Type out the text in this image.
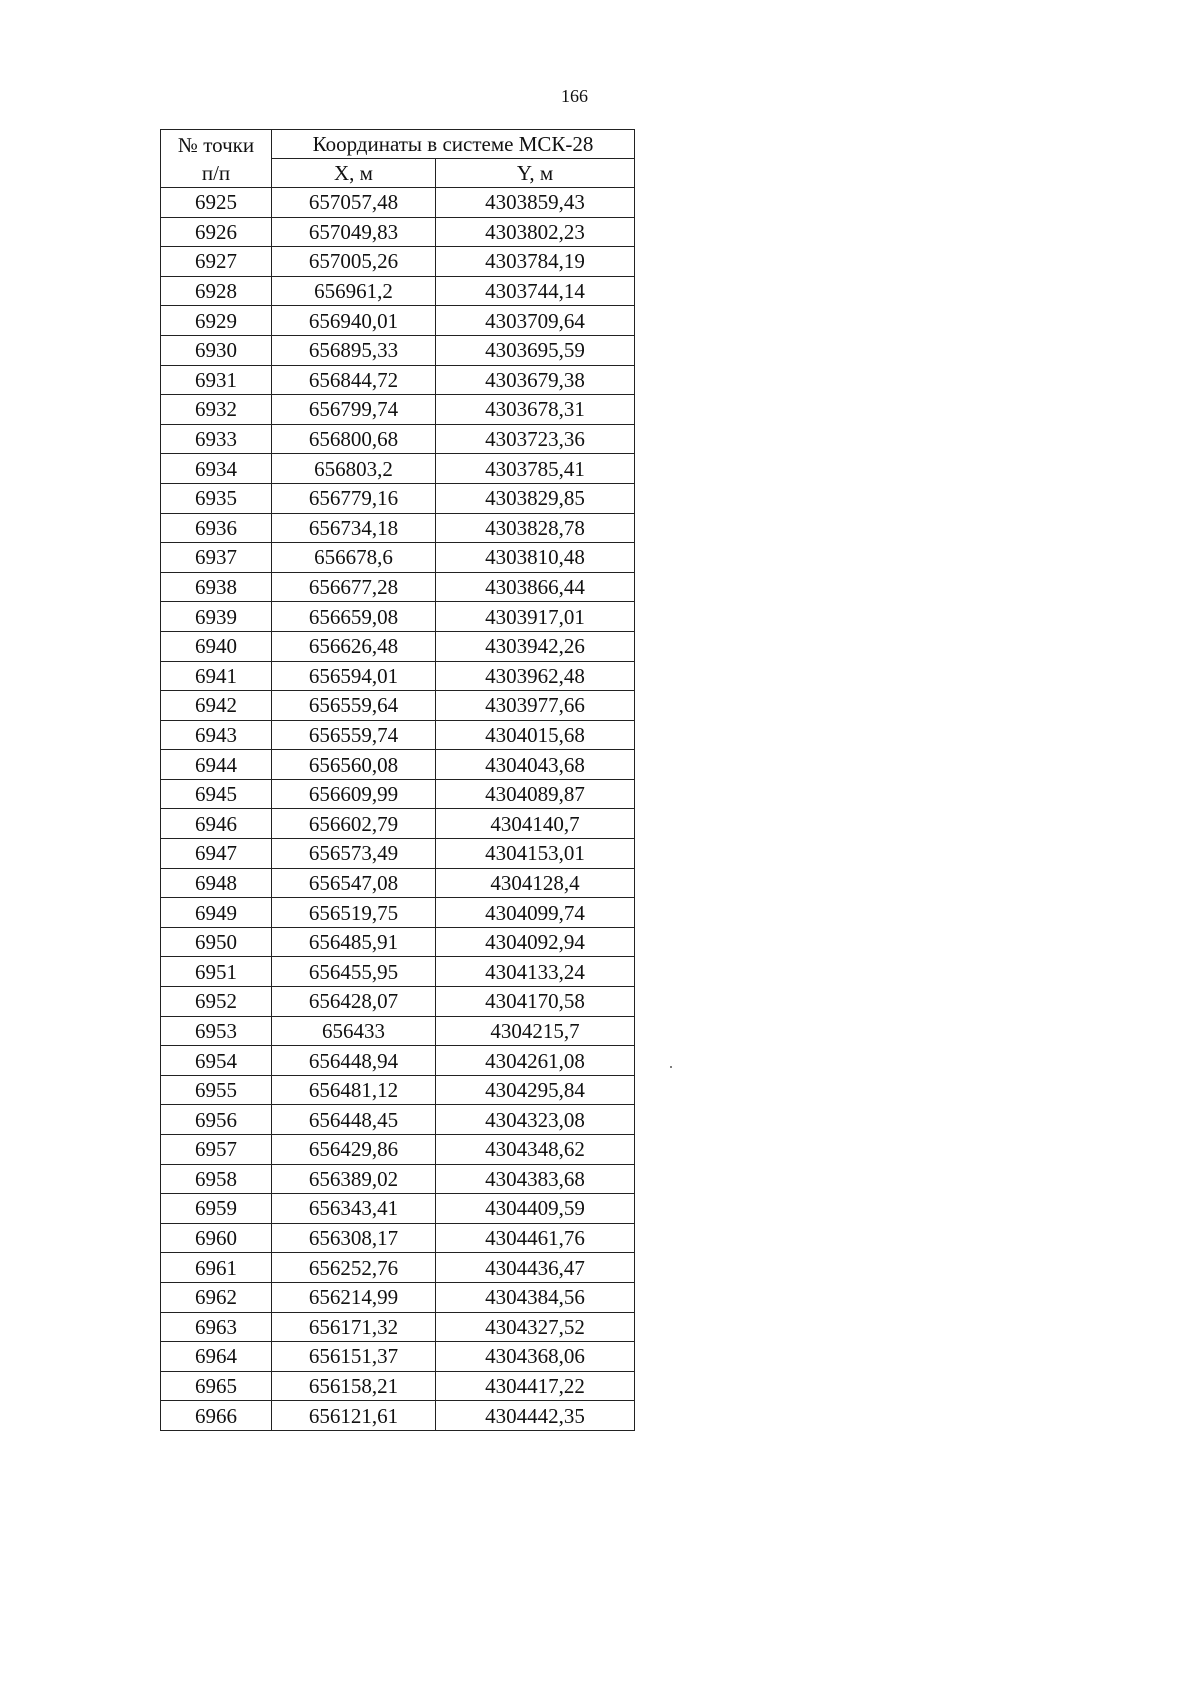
166
№ точки
п/п	Координаты в системе МСК-28	
	X, м	Y, м
6925	657057,48	4303859,43
6926	657049,83	4303802,23
6927	657005,26	4303784,19
6928	656961,2	4303744,14
6929	656940,01	4303709,64
6930	656895,33	4303695,59
6931	656844,72	4303679,38
6932	656799,74	4303678,31
6933	656800,68	4303723,36
6934	656803,2	4303785,41
6935	656779,16	4303829,85
6936	656734,18	4303828,78
6937	656678,6	4303810,48
6938	656677,28	4303866,44
6939	656659,08	4303917,01
6940	656626,48	4303942,26
6941	656594,01	4303962,48
6942	656559,64	4303977,66
6943	656559,74	4304015,68
6944	656560,08	4304043,68
6945	656609,99	4304089,87
6946	656602,79	4304140,7
6947	656573,49	4304153,01
6948	656547,08	4304128,4
6949	656519,75	4304099,74
6950	656485,91	4304092,94
6951	656455,95	4304133,24
6952	656428,07	4304170,58
6953	656433	4304215,7
6954	656448,94	4304261,08
6955	656481,12	4304295,84
6956	656448,45	4304323,08
6957	656429,86	4304348,62
6958	656389,02	4304383,68
6959	656343,41	4304409,59
6960	656308,17	4304461,76
6961	656252,76	4304436,47
6962	656214,99	4304384,56
6963	656171,32	4304327,52
6964	656151,37	4304368,06
6965	656158,21	4304417,22
6966	656121,61	4304442,35
